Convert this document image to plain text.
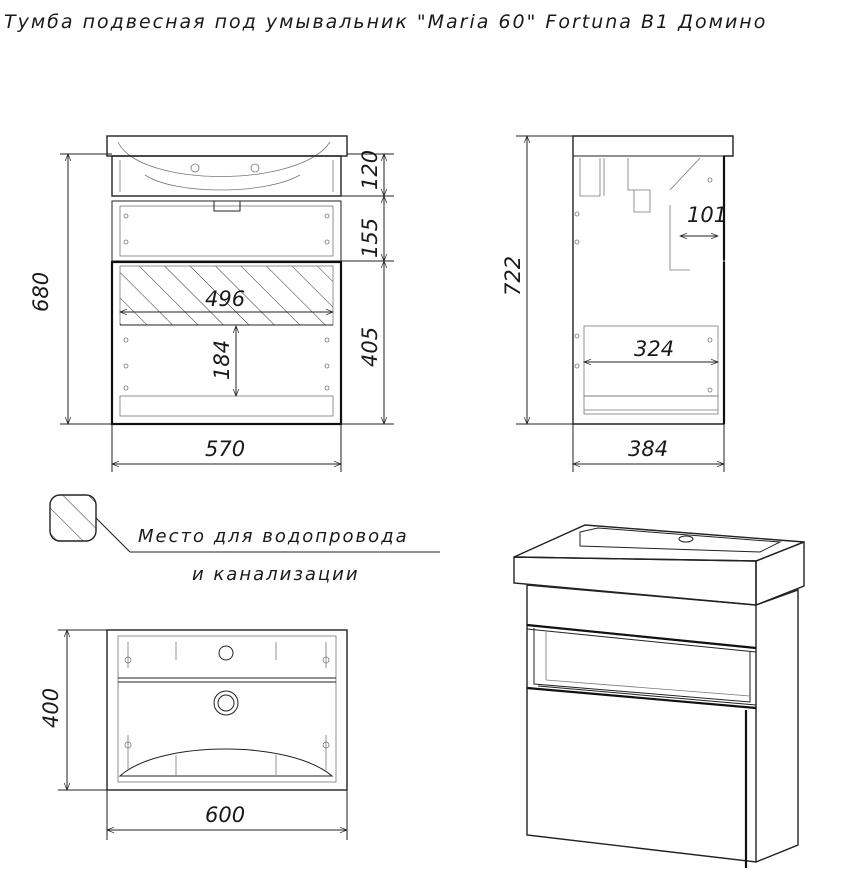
Тумба подвесная под умывальник "Maria 60" Fortuna B1 Домино
680
120
155
405
496
184
570
722
101
324
384
Место для водопровода
и канализации
400
600
